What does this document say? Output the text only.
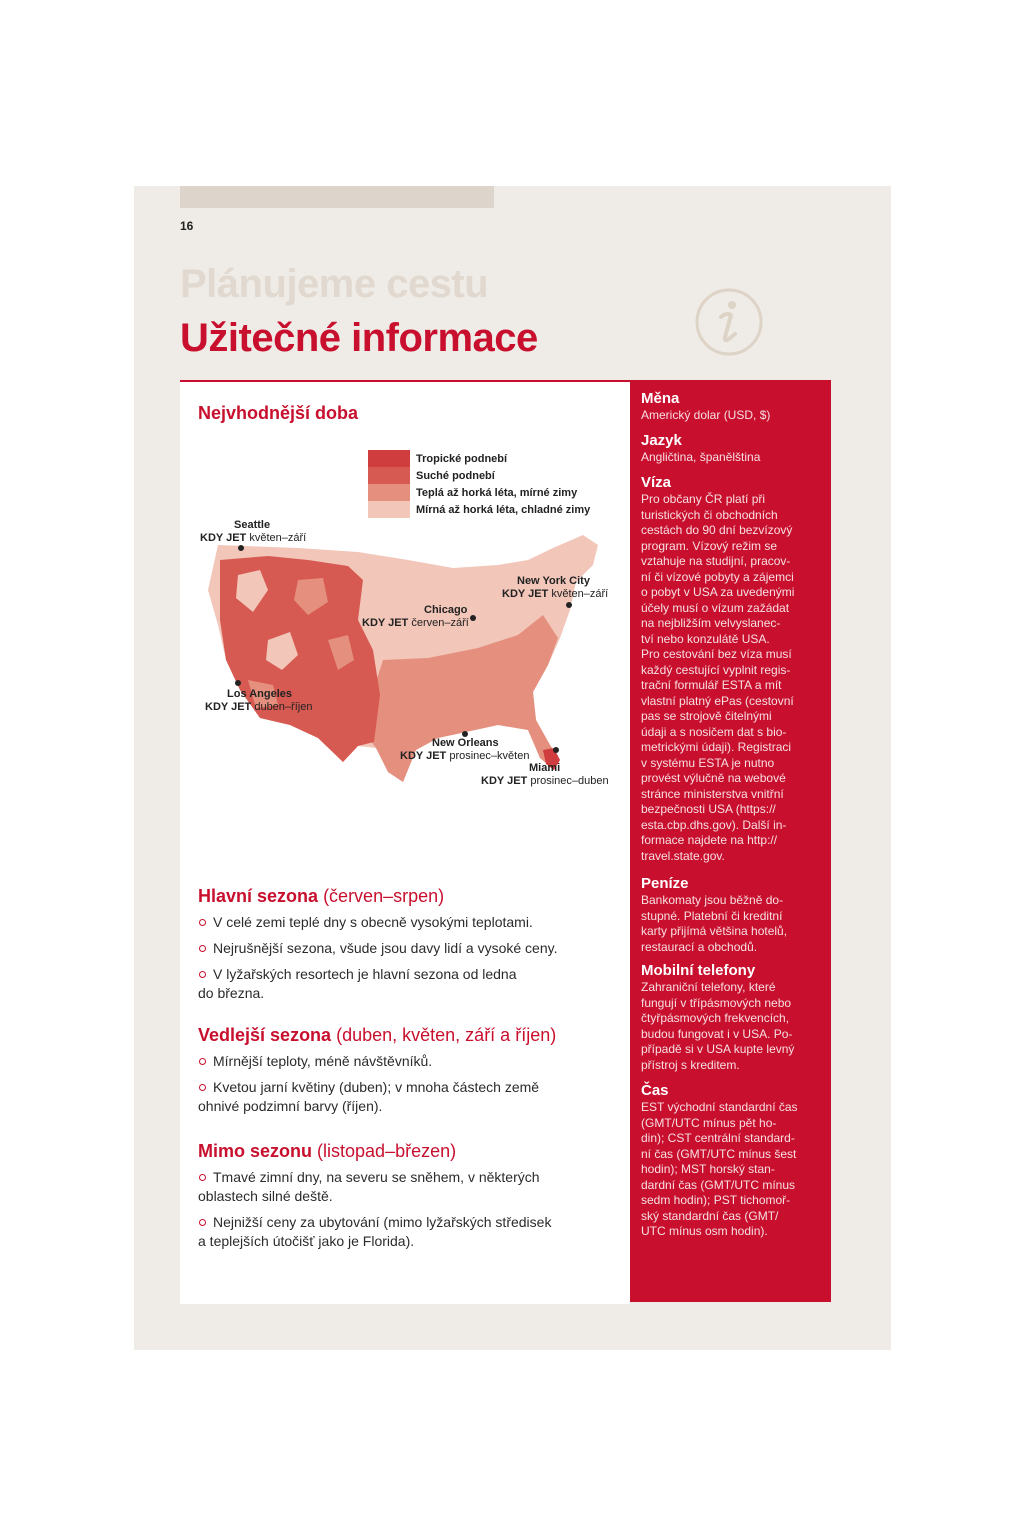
16
Plánujeme cestu
Užitečné informace
Nejvhodnější doba
Tropické podnebí
Suché podnebí
Teplá až horká léta, mírné zimy
Mírná až horká léta, chladné zimy
Seattle
KDY JET květen–září
New York City
KDY JET květen–září
Chicago
KDY JET červen–září
Los Angeles
KDY JET duben–říjen
New Orleans
KDY JET prosinec–květen
Miami
KDY JET prosinec–duben

Hlavní sezona (červen–srpen)

V celé zemi teplé dny s obecně vysokými teplotami.

Nejrušnější sezona, všude jsou davy lidí a vysoké ceny.

V lyžařských resortech je hlavní sezona od ledna
do března.

Vedlejší sezona (duben, květen, září a říjen)

Mírnější teploty, méně návštěvníků.

Kvetou jarní květiny (duben); v mnoha částech země
ohnivé podzimní barvy (říjen).

Mimo sezonu (listopad–březen)

Tmavé zimní dny, na severu se sněhem, v některých
oblastech silné deště.

Nejnižší ceny za ubytování (mimo lyžařských středisek
a teplejších útočišť jako je Florida).

Měna

Americký dolar (USD, $)

Jazyk

Angličtina, španělština

Víza

Pro občany ČR platí při

turistických či obchodních

cestách do 90 dní bezvízový

program. Vízový režim se

vztahuje na studijní, pracov-

ní či vízové pobyty a zájemci

o pobyt v USA za uvedenými

účely musí o vízum zažádat

na nejbližším velvyslanec-

tví nebo konzulátě USA.

Pro cestování bez víza musí

každý cestující vyplnit regis-

trační formulář ESTA a mít

vlastní platný ePas (cestovní

pas se strojově čitelnými

údaji a s nosičem dat s bio-

metrickými údaji). Registraci

v systému ESTA je nutno

provést výlučně na webové

stránce ministerstva vnitřní

bezpečnosti USA (https://

esta.cbp.dhs.gov). Další in-

formace najdete na http://

travel.state.gov.

Peníze

Bankomaty jsou běžně do-

stupné. Platební či kreditní

karty přijímá většina hotelů,

restaurací a obchodů.

Mobilní telefony

Zahraniční telefony, které

fungují v třípásmových nebo

čtyřpásmových frekvencích,

budou fungovat i v USA. Po-

případě si v USA kupte levný

přístroj s kreditem.

Čas

EST východní standardní čas

(GMT/UTC mínus pět ho-

din); CST centrální standard-

ní čas (GMT/UTC mínus šest

hodin); MST horský stan-

dardní čas (GMT/UTC mínus

sedm hodin); PST tichomoř-

ský standardní čas (GMT/

UTC mínus osm hodin).
